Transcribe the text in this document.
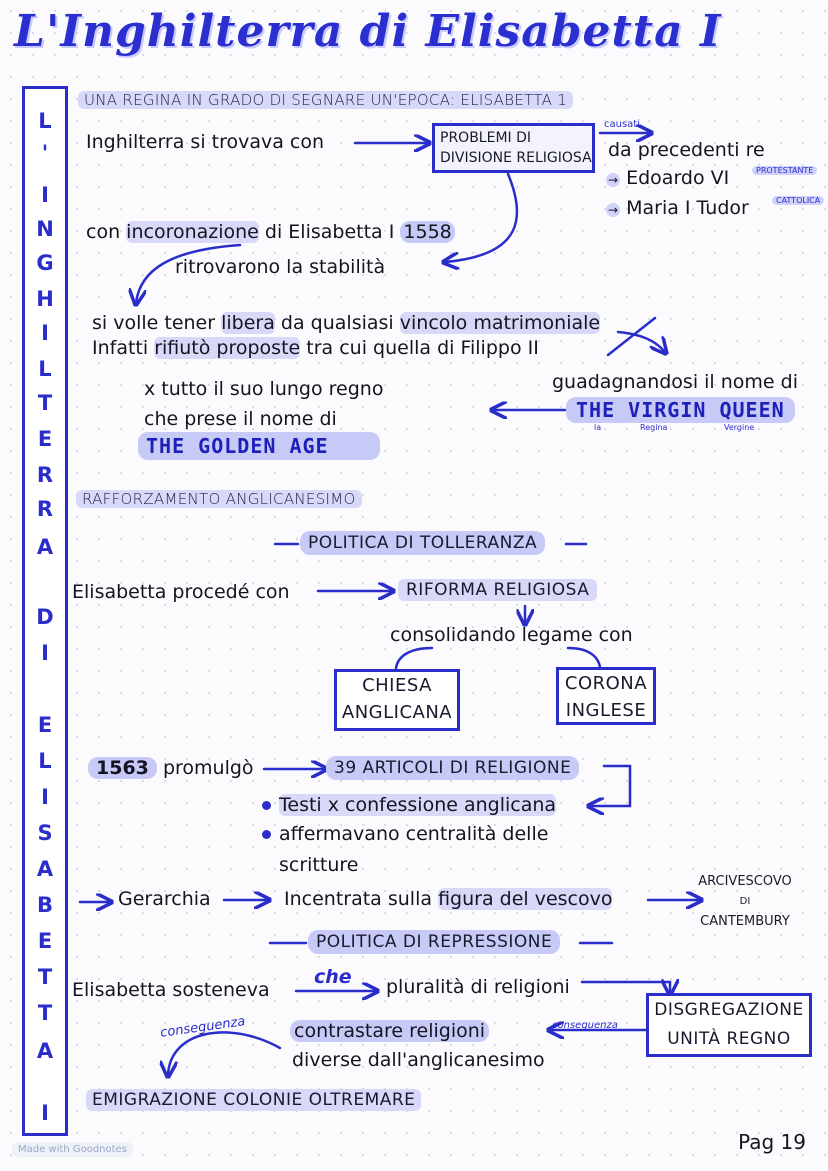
L'Inghilterra di Elisabetta I
L
'
I
N
G
H
I
L
T
E
R
R
A
D
I
E
L
I
S
A
B
E
T
T
A
I
UNA REGINA IN GRADO DI SEGNARE UN'EPOCA: ELISABETTA 1
Inghilterra si trovava con	PROBLEMI DI
DIVISIONE RELIGIOSA
causati
da precedenti re
→ Edoardo VI	PROTESTANTE
→ Maria I Tudor	CATTOLICA
con incoronazione di Elisabetta I 1558
ritrovarono la stabilità
si volle tener libera da qualsiasi vincolo matrimoniale
Infatti rifiutò proposte tra cui quella di Filippo II
x tutto il suo lungo regno
che prese il nome di
THE GOLDEN AGE
guadagnandosi il nome di
THE VIRGIN QUEEN
la	Regina	Vergine
RAFFORZAMENTO ANGLICANESIMO
POLITICA DI TOLLERANZA
Elisabetta procedé con	RIFORMA RELIGIOSA
consolidando legame con
CHIESA
ANGLICANA
CORONA
INGLESE
1563 promulgò	39 ARTICOLI DI RELIGIONE
Testi x confessione anglicana
affermavano centralità delle
scritture
Gerarchia	Incentrata sulla figura del vescovo
ARCIVESCOVO
DI
CANTEMBURY
POLITICA DI REPRESSIONE
Elisabetta sosteneva
che pluralità di religioni
DISGREGAZIONE
UNITÀ REGNO
conseguenza
conseguenza	contrastare religioni
diverse dall'anglicanesimo
EMIGRAZIONE COLONIE OLTREMARE
Made with Goodnotes	Pag 19
